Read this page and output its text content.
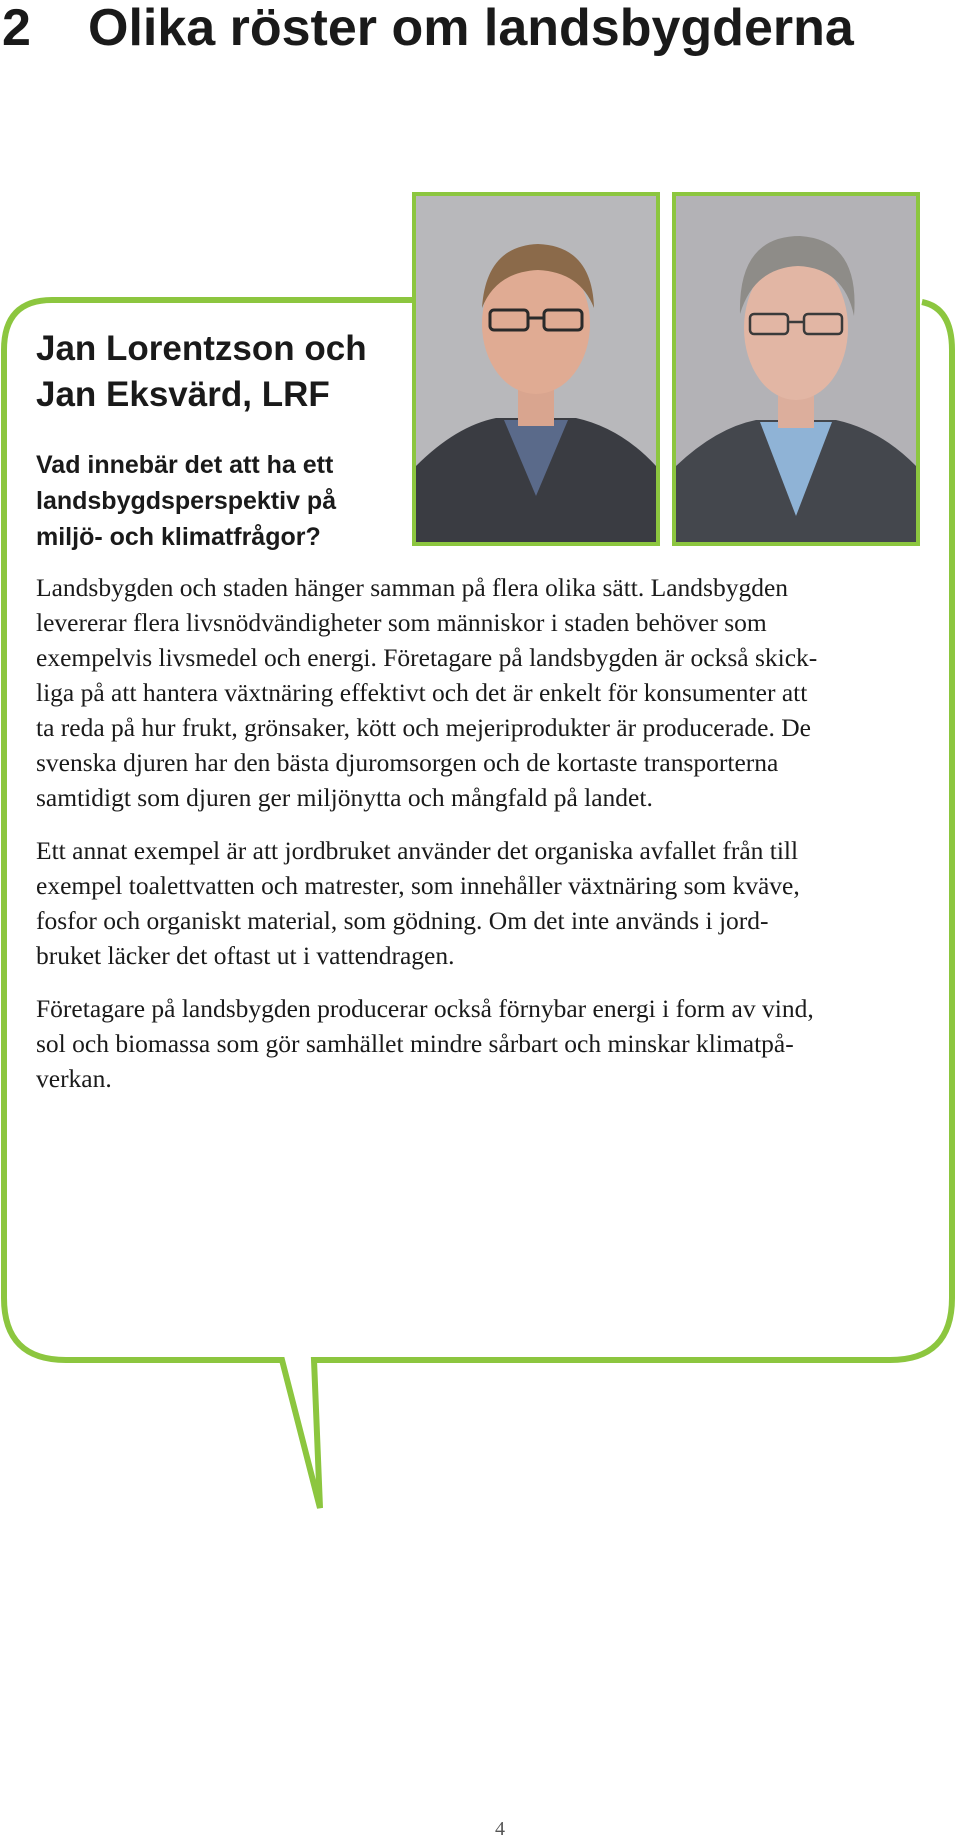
2 Olika röster om landsbygderna
Jan Lorentzson och
Jan Eksvärd, LRF
Vad innebär det att ha ett
landsbygdsperspektiv på
miljö- och klimatfrågor?

Landsbygden och staden hänger samman på flera olika sätt. Landsbygden
levererar flera livsnödvändigheter som människor i staden behöver som
exempelvis livsmedel och energi. Företagare på landsbygden är också skick-
liga på att hantera växtnäring effektivt och det är enkelt för konsumenter att
ta reda på hur frukt, grönsaker, kött och mejeriprodukter är producerade. De
svenska djuren har den bästa djuromsorgen och de kortaste transporterna
samtidigt som djuren ger miljönytta och mångfald på landet.

Ett annat exempel är att jordbruket använder det organiska avfallet från till
exempel toalettvatten och matrester, som innehåller växtnäring som kväve,
fosfor och organiskt material, som gödning. Om det inte används i jord-
bruket läcker det oftast ut i vattendragen.

Företagare på landsbygden producerar också förnybar energi i form av vind,
sol och biomassa som gör samhället mindre sårbart och minskar klimatpå-
verkan.

4
